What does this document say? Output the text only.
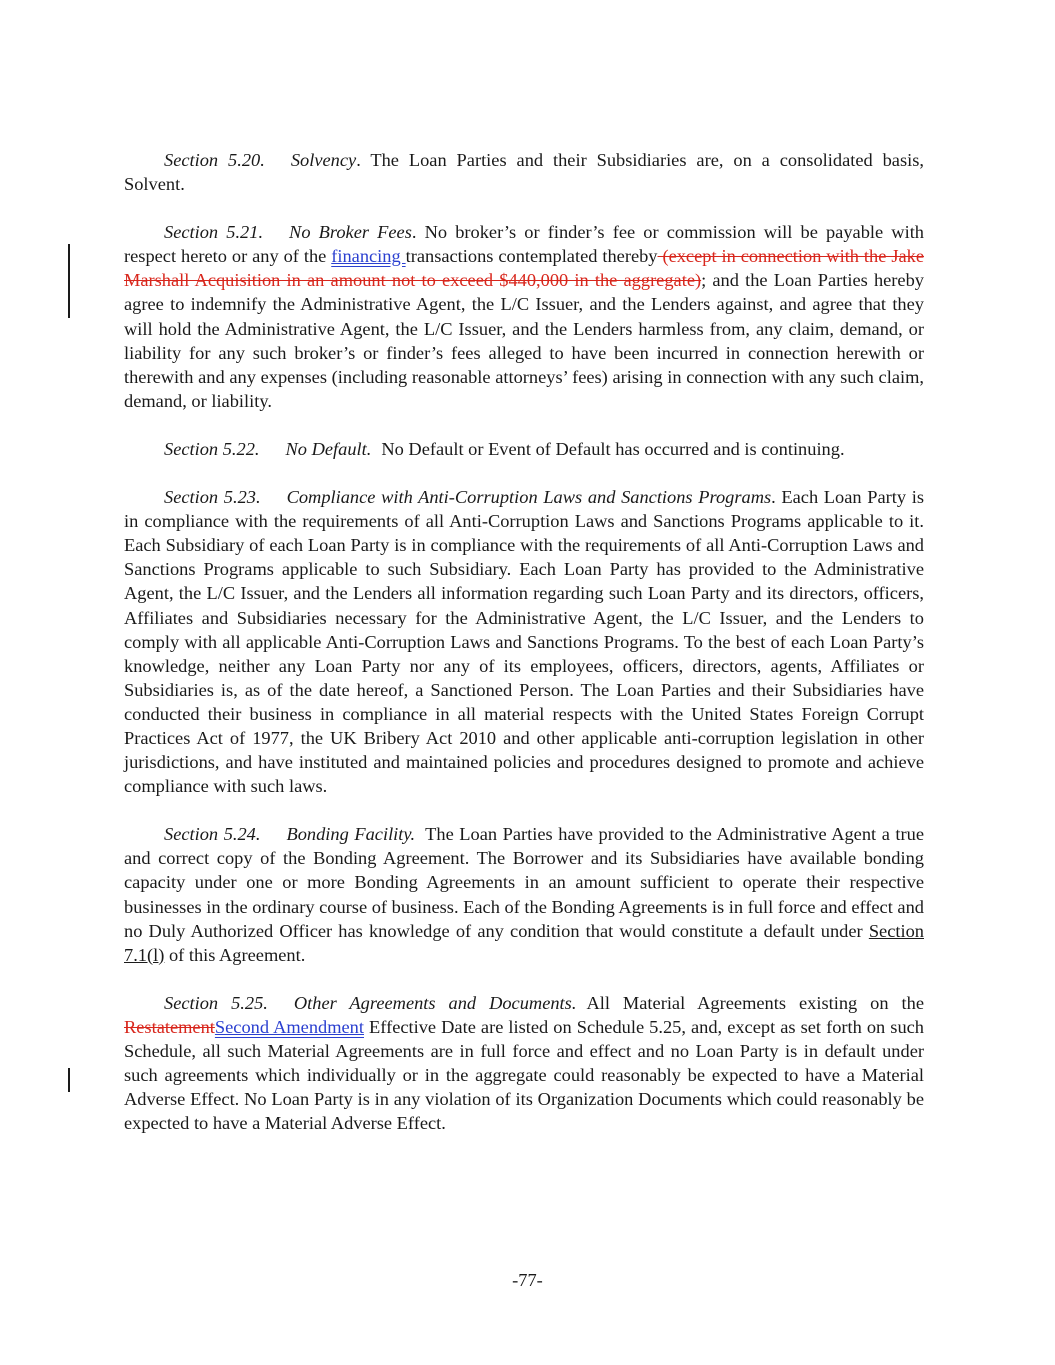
Section 5.20. Solvency. The Loan Parties and their Subsidiaries are, on a consolidated basis, Solvent.

Section 5.21. No Broker Fees. No broker’s or finder’s fee or commission will be payable with respect hereto or any of the financing transactions contemplated thereby (except in connection with the Jake Marshall Acquisition in an amount not to exceed $440,000 in the aggregate); and the Loan Parties hereby agree to indemnify the Administrative Agent, the L/C Issuer, and the Lenders against, and agree that they will hold the Administrative Agent, the L/C Issuer, and the Lenders harmless from, any claim, demand, or liability for any such broker’s or finder’s fees alleged to have been incurred in connection herewith or therewith and any expenses (including reasonable attorneys’ fees) arising in connection with any such claim, demand, or liability.

Section 5.22. No Default. No Default or Event of Default has occurred and is continuing.

Section 5.23. Compliance with Anti-Corruption Laws and Sanctions Programs. Each Loan Party is in compliance with the requirements of all Anti-Corruption Laws and Sanctions Programs applicable to it. Each Subsidiary of each Loan Party is in compliance with the requirements of all Anti-Corruption Laws and Sanctions Programs applicable to such Subsidiary. Each Loan Party has provided to the Administrative Agent, the L/C Issuer, and the Lenders all information regarding such Loan Party and its directors, officers, Affiliates and Subsidiaries necessary for the Administrative Agent, the L/C Issuer, and the Lenders to comply with all applicable Anti-Corruption Laws and Sanctions Programs. To the best of each Loan Party’s knowledge, neither any Loan Party nor any of its employees, officers, directors, agents, Affiliates or Subsidiaries is, as of the date hereof, a Sanctioned Person. The Loan Parties and their Subsidiaries have conducted their business in compliance in all material respects with the United States Foreign Corrupt Practices Act of 1977, the UK Bribery Act 2010 and other applicable anti-corruption legislation in other jurisdictions, and have instituted and maintained policies and procedures designed to promote and achieve compliance with such laws.

Section 5.24. Bonding Facility. The Loan Parties have provided to the Administrative Agent a true and correct copy of the Bonding Agreement. The Borrower and its Subsidiaries have available bonding capacity under one or more Bonding Agreements in an amount sufficient to operate their respective businesses in the ordinary course of business. Each of the Bonding Agreements is in full force and effect and no Duly Authorized Officer has knowledge of any condition that would constitute a default under Section 7.1(l) of this Agreement.

Section 5.25. Other Agreements and Documents. All Material Agreements existing on the RestatementSecond Amendment Effective Date are listed on Schedule 5.25, and, except as set forth on such Schedule, all such Material Agreements are in full force and effect and no Loan Party is in default under such agreements which individually or in the aggregate could reasonably be expected to have a Material Adverse Effect. No Loan Party is in any violation of its Organization Documents which could reasonably be expected to have a Material Adverse Effect.

-77-
